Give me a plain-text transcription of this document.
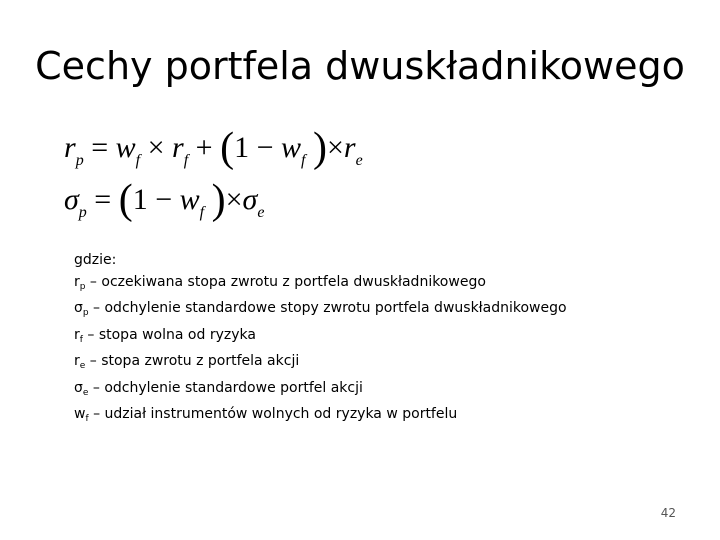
Cechy portfela dwuskładnikowego
$r_p = w_f \times r_f + (1 - w_f$ )$\times r_e$
$\sigma_p = (1 - w_f$ )$\times\sigma_e$
gdzie:
$r_p$ – oczekiwana stopa zwrotu z portfela dwuskładnikowego
$\sigma_p$ – odchylenie standardowe stopy zwrotu portfela dwuskładnikowego
$r_f$ – stopa wolna od ryzyka
$r_e$ – stopa zwrotu z portfela akcji
$\sigma_e$ – odchylenie standardowe portfel akcji
$w_f$ – udział instrumentów wolnych od ryzyka w portfelu
42
